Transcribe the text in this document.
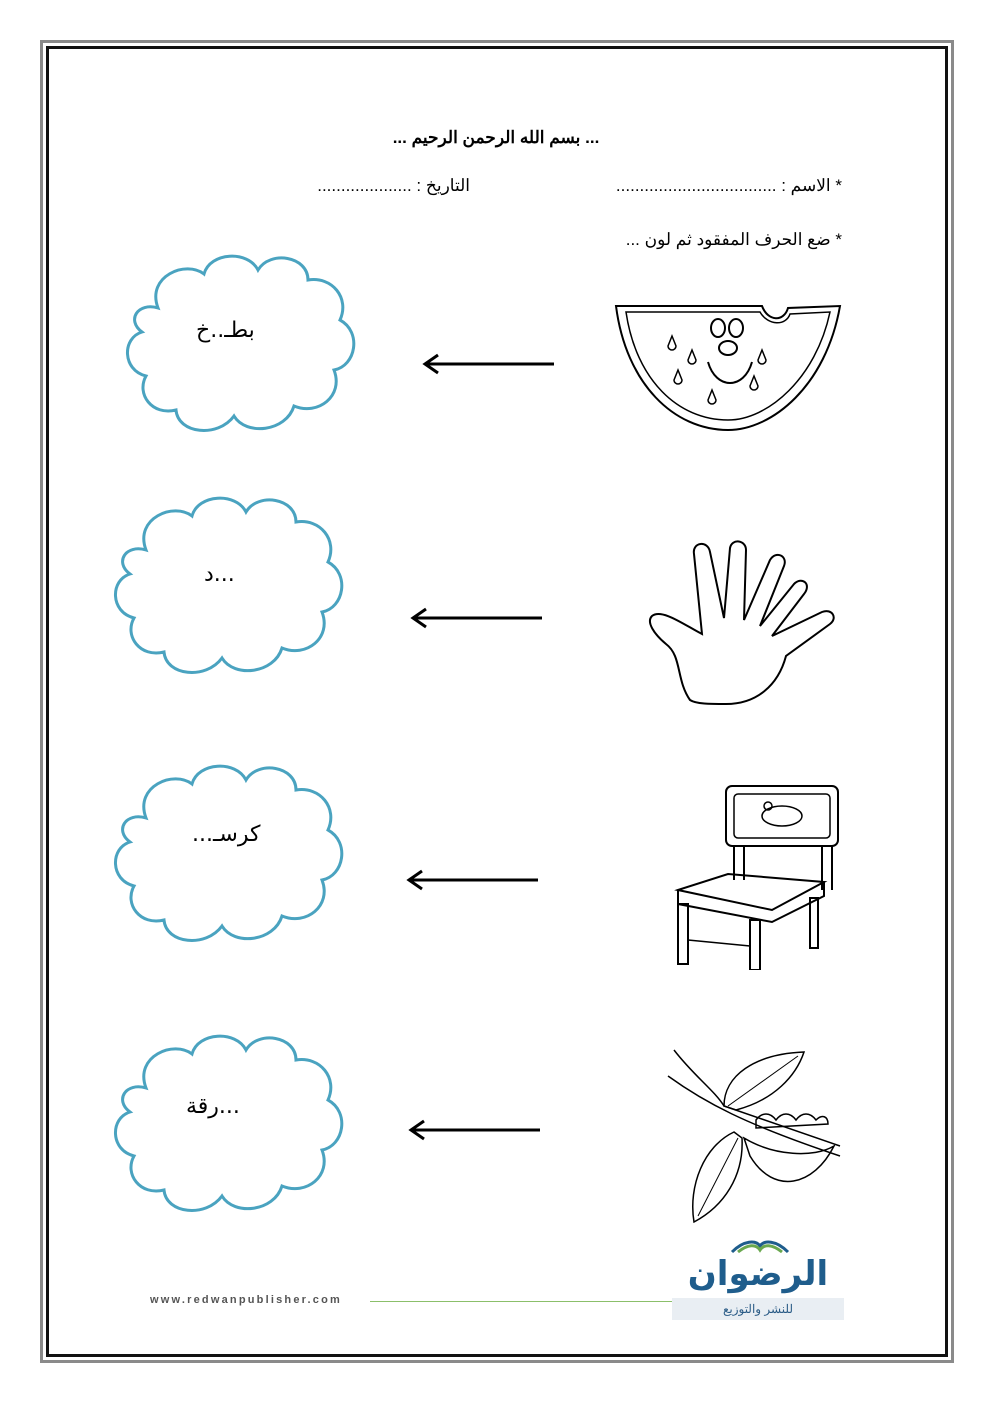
... بسم الله الرحمن الرحيم ...
* الاسم : ..................................
التاريخ : ....................
* ضع الحرف المفقود ثم لون ...
بطـ..خ
...د
كرسـ...
...رقة
www.redwanpublisher.com
الرضوان
للنشر والتوزيع
